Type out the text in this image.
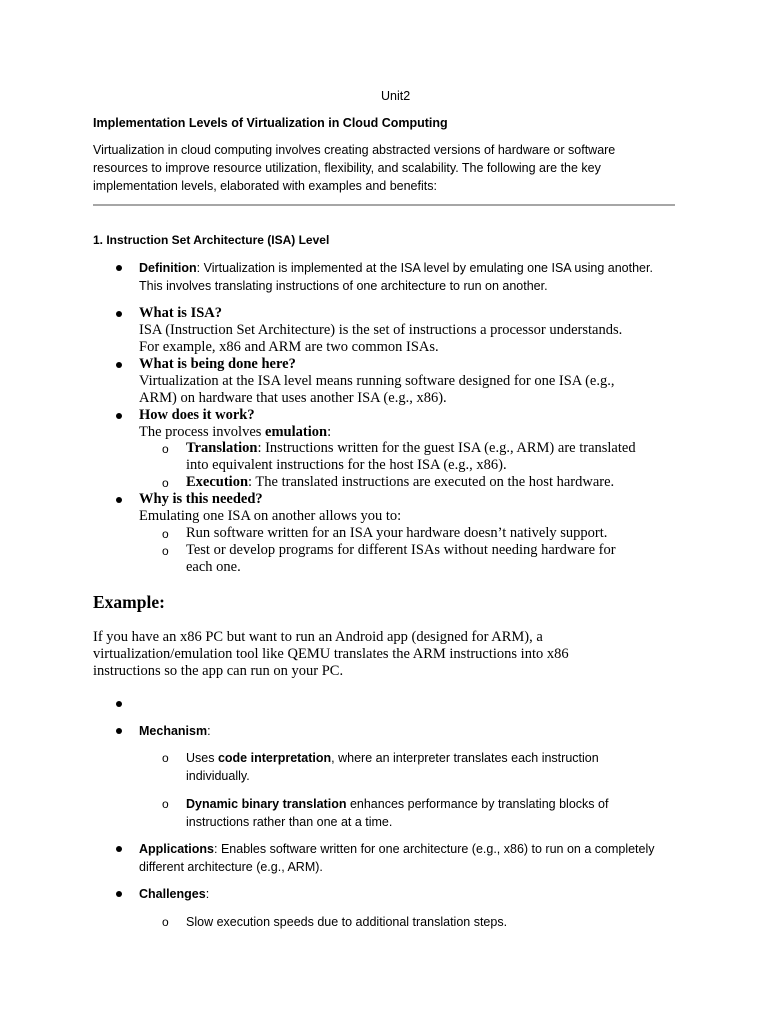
Unit2
Implementation Levels of Virtualization in Cloud Computing
Virtualization in cloud computing involves creating abstracted versions of hardware or software
resources to improve resource utilization, flexibility, and scalability. The following are the key
implementation levels, elaborated with examples and benefits:
1. Instruction Set Architecture (ISA) Level
Definition: Virtualization is implemented at the ISA level by emulating one ISA using another.
This involves translating instructions of one architecture to run on another.
What is ISA?
ISA (Instruction Set Architecture) is the set of instructions a processor understands.
For example, x86 and ARM are two common ISAs.
What is being done here?
Virtualization at the ISA level means running software designed for one ISA (e.g.,
ARM) on hardware that uses another ISA (e.g., x86).
How does it work?
The process involves emulation:
o Translation: Instructions written for the guest ISA (e.g., ARM) are translated
into equivalent instructions for the host ISA (e.g., x86).
o Execution: The translated instructions are executed on the host hardware.
Why is this needed?
Emulating one ISA on another allows you to:
o Run software written for an ISA your hardware doesn’t natively support.
o Test or develop programs for different ISAs without needing hardware for
each one.
Example:
If you have an x86 PC but want to run an Android app (designed for ARM), a
virtualization/emulation tool like QEMU translates the ARM instructions into x86
instructions so the app can run on your PC.
Mechanism:
o Uses code interpretation, where an interpreter translates each instruction
individually.
o Dynamic binary translation enhances performance by translating blocks of
instructions rather than one at a time.
Applications: Enables software written for one architecture (e.g., x86) to run on a completely
different architecture (e.g., ARM).
Challenges:
o Slow execution speeds due to additional translation steps.
